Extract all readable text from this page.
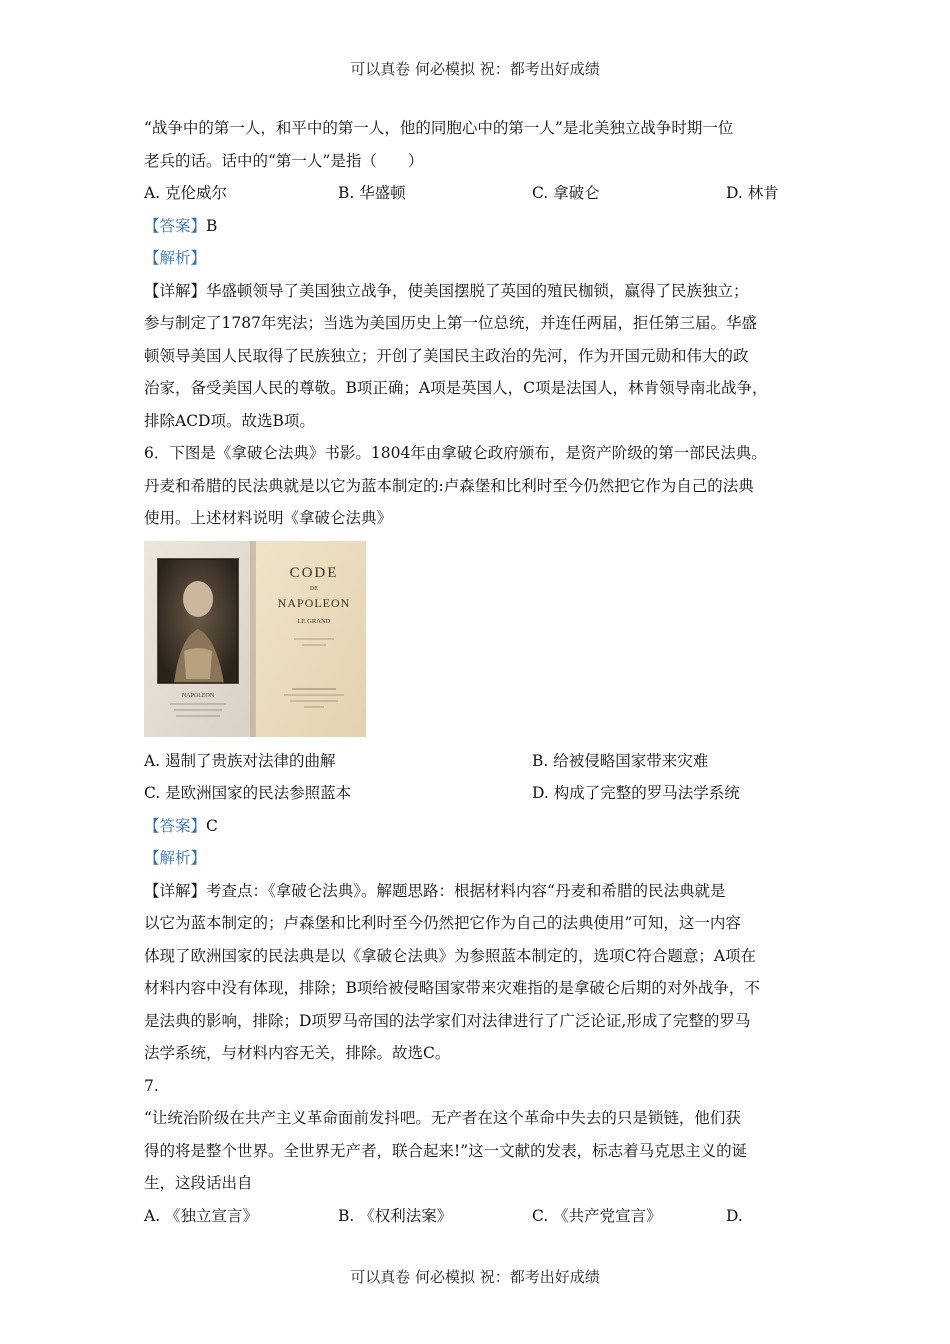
可以真卷 何必模拟 祝：都考出好成绩

“战争中的第一人，和平中的第一人，他的同胞心中的第一人”是北美独立战争时期一位

老兵的话。话中的“第一人”是指（　　）

A. 克伦威尔	B. 华盛顿	C. 拿破仑	D. 林肯

【答案】B

【解析】

【详解】华盛顿领导了美国独立战争，使美国摆脱了英国的殖民枷锁，赢得了民族独立；

参与制定了1787年宪法；当选为美国历史上第一位总统，并连任两届，拒任第三届。华盛

顿领导美国人民取得了民族独立；开创了美国民主政治的先河，作为开国元勋和伟大的政

治家，备受美国人民的尊敬。B项正确；A项是英国人，C项是法国人，林肯领导南北战争，

排除ACD项。故选B项。

6．下图是《拿破仑法典》书影。1804年由拿破仑政府颁布，是资产阶级的第一部民法典。

丹麦和希腊的民法典就是以它为蓝本制定的:卢森堡和比利时至今仍然把它作为自己的法典

使用。上述材料说明《拿破仑法典》

NAPOLEON
CODE
DE
NAPOLEON
LE GRAND
A. 遏制了贵族对法律的曲解	B. 给被侵略国家带来灾难
C. 是欧洲国家的民法参照蓝本	D. 构成了完整的罗马法学系统

【答案】C

【解析】

【详解】考查点：《拿破仑法典》。解题思路：根据材料内容“丹麦和希腊的民法典就是

以它为蓝本制定的；卢森堡和比利时至今仍然把它作为自己的法典使用”可知，这一内容

体现了欧洲国家的民法典是以《拿破仑法典》为参照蓝本制定的，选项C符合题意；A项在

材料内容中没有体现，排除；B项给被侵略国家带来灾难指的是拿破仑后期的对外战争，不

是法典的影响，排除；D项罗马帝国的法学家们对法律进行了广泛论证,形成了完整的罗马

法学系统，与材料内容无关，排除。故选C。

7.

“让统治阶级在共产主义革命面前发抖吧。无产者在这个革命中失去的只是锁链，他们获

得的将是整个世界。全世界无产者，联合起来!”这一文献的发表，标志着马克思主义的诞

生，这段话出自

A. 《独立宣言》	B. 《权利法案》	C. 《共产党宣言》	D.
可以真卷 何必模拟 祝：都考出好成绩
